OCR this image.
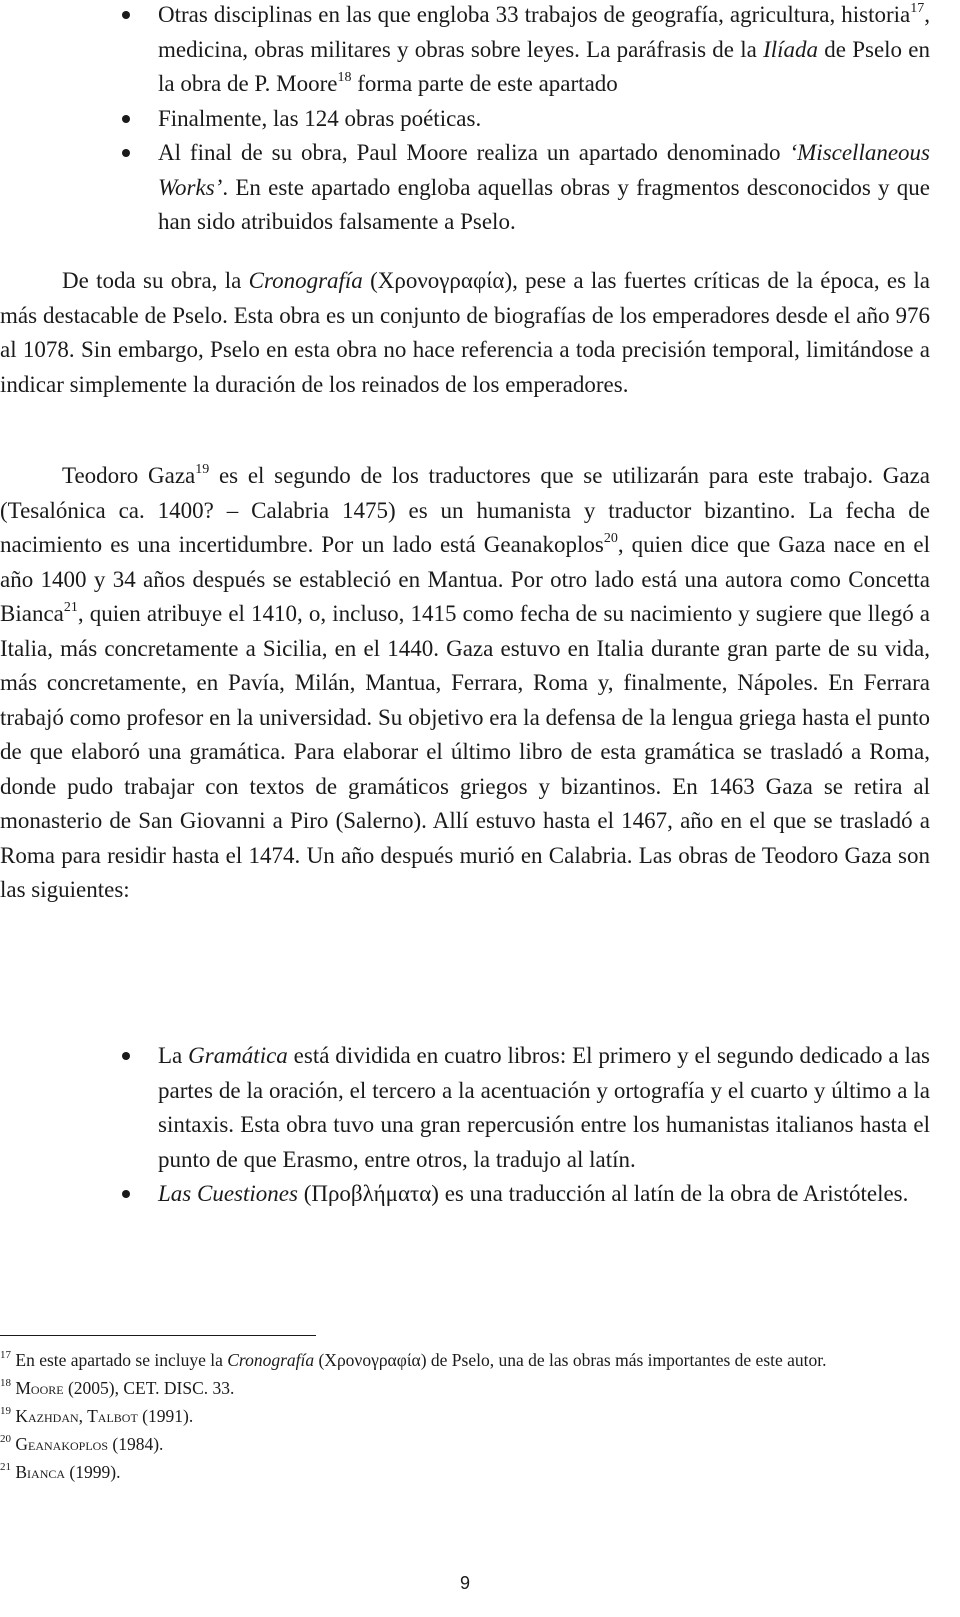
Otras disciplinas en las que engloba 33 trabajos de geografía, agricultura, historia$^{17}$, medicina, obras militares y obras sobre leyes. La paráfrasis de la Ilíada de Pselo en la obra de P. Moore$^{18}$ forma parte de este apartado
Finalmente, las 124 obras poéticas.
Al final de su obra, Paul Moore realiza un apartado denominado ‘Miscellaneous Works’. En este apartado engloba aquellas obras y fragmentos desconocidos y que han sido atribuidos falsamente a Pselo.

De toda su obra, la Cronografía (Χρονογραφία), pese a las fuertes críticas de la época, es la más destacable de Pselo. Esta obra es un conjunto de biografías de los emperadores desde el año 976 al 1078. Sin embargo, Pselo en esta obra no hace referencia a toda precisión temporal, limitándose a indicar simplemente la duración de los reinados de los emperadores.

Teodoro Gaza$^{19}$ es el segundo de los traductores que se utilizarán para este trabajo. Gaza (Tesalónica ca. 1400? – Calabria 1475) es un humanista y traductor bizantino. La fecha de nacimiento es una incertidumbre. Por un lado está Geanakoplos$^{20}$, quien dice que Gaza nace en el año 1400 y 34 años después se estableció en Mantua. Por otro lado está una autora como Concetta Bianca$^{21}$, quien atribuye el 1410, o, incluso, 1415 como fecha de su nacimiento y sugiere que llegó a Italia, más concretamente a Sicilia, en el 1440. Gaza estuvo en Italia durante gran parte de su vida, más concretamente, en Pavía, Milán, Mantua, Ferrara, Roma y, finalmente, Nápoles. En Ferrara trabajó como profesor en la universidad. Su objetivo era la defensa de la lengua griega hasta el punto de que elaboró una gramática. Para elaborar el último libro de esta gramática se trasladó a Roma, donde pudo trabajar con textos de gramáticos griegos y bizantinos. En 1463 Gaza se retira al monasterio de San Giovanni a Piro (Salerno). Allí estuvo hasta el 1467, año en el que se trasladó a Roma para residir hasta el 1474. Un año después murió en Calabria. Las obras de Teodoro Gaza son las siguientes:

La Gramática está dividida en cuatro libros: El primero y el segundo dedicado a las partes de la oración, el tercero a la acentuación y ortografía y el cuarto y último a la sintaxis. Esta obra tuvo una gran repercusión entre los humanistas italianos hasta el punto de que Erasmo, entre otros, la tradujo al latín.
Las Cuestiones (Προβλήματα) es una traducción al latín de la obra de Aristóteles.

$^{17}$ En este apartado se incluye la Cronografía (Χρονογραφία) de Pselo, una de las obras más importantes de este autor.

$^{18}$ Moore (2005), CET. DISC. 33.

$^{19}$ Kazhdan, Talbot (1991).

$^{20}$ Geanakoplos (1984).

$^{21}$ Bianca (1999).

9
